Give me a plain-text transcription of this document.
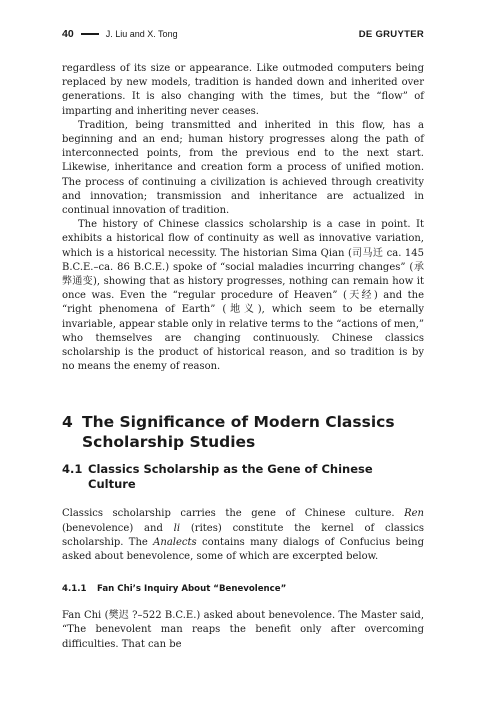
40	J. Liu and X. Tong	DE GRUYTER

regardless of its size or appearance. Like outmoded computers being replaced by new models, tradition is handed down and inherited over generations. It is also changing with the times, but the “flow” of imparting and inheriting never ceases.

Tradition, being transmitted and inherited in this flow, has a beginning and an end; human history progresses along the path of interconnected points, from the previous end to the next start. Likewise, inheritance and creation form a process of unified motion. The process of continuing a civilization is achieved through creativity and innovation; transmission and inheritance are actualized in continual innovation of tradition.

The history of Chinese classics scholarship is a case in point. It exhibits a historical flow of continuity as well as innovative variation, which is a historical necessity. The historian Sima Qian (司马迁 ca. 145 B.C.E.–ca. 86 B.C.E.) spoke of “social maladies incurring changes” (承弊通变), showing that as history progresses, nothing can remain how it once was. Even the “regular procedure of Heaven” (天经) and the “right phenomena of Earth” (地义), which seem to be eternally invariable, appear stable only in relative terms to the “actions of men,” who themselves are changing continuously. Chinese classics scholarship is the product of historical reason, and so tradition is by no means the enemy of reason.

4 The Significance of Modern Classics Scholarship Studies
4.1 Classics Scholarship as the Gene of Chinese Culture

Classics scholarship carries the gene of Chinese culture. Ren (benevolence) and li (rites) constitute the kernel of classics scholarship. The Analects contains many dialogs of Confucius being asked about benevolence, some of which are excerpted below.

4.1.1	Fan Chi’s Inquiry About “Benevolence”

Fan Chi (樊迟 ?–522 B.C.E.) asked about benevolence. The Master said, “The benevolent man reaps the benefit only after overcoming difficulties. That can be
